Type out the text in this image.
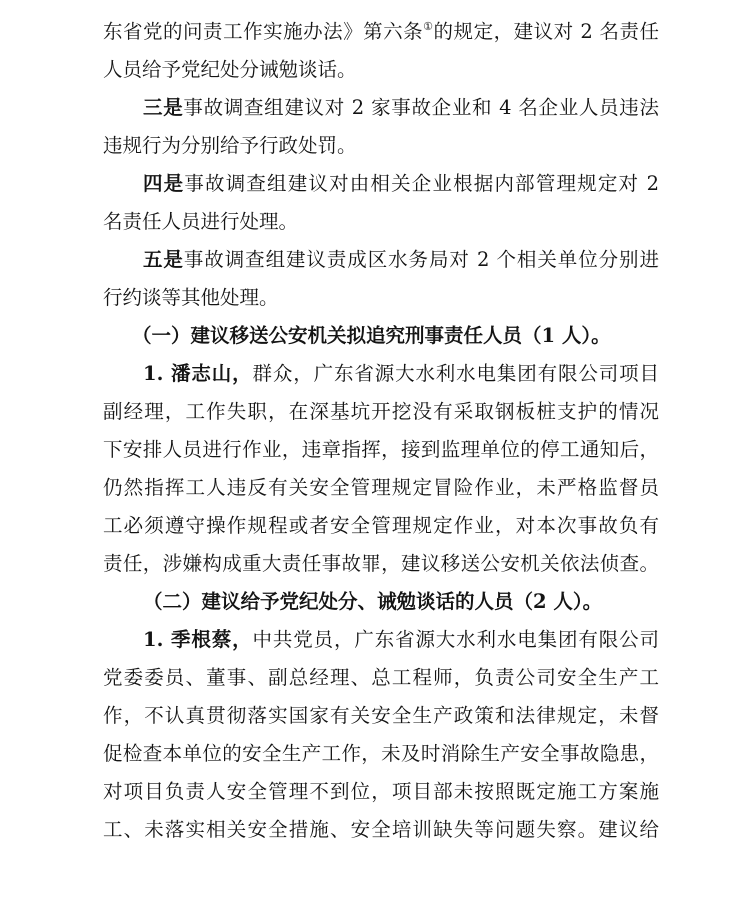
东省党的问责工作实施办法》第六条①的规定，建议对 2 名责任
人员给予党纪处分诫勉谈话。
三是事故调查组建议对 2 家事故企业和 4 名企业人员违法
违规行为分别给予行政处罚。
四是事故调查组建议对由相关企业根据内部管理规定对 2
名责任人员进行处理。
五是事故调查组建议责成区水务局对 2 个相关单位分别进
行约谈等其他处理。
（一）建议移送公安机关拟追究刑事责任人员（1 人）。
1. 潘志山，群众，广东省源大水利水电集团有限公司项目
副经理，工作失职，在深基坑开挖没有采取钢板桩支护的情况
下安排人员进行作业，违章指挥，接到监理单位的停工通知后，
仍然指挥工人违反有关安全管理规定冒险作业，未严格监督员
工必须遵守操作规程或者安全管理规定作业，对本次事故负有
责任，涉嫌构成重大责任事故罪，建议移送公安机关依法侦查。
（二）建议给予党纪处分、诫勉谈话的人员（2 人）。
1. 季根蔡，中共党员，广东省源大水利水电集团有限公司
党委委员、董事、副总经理、总工程师，负责公司安全生产工
作，不认真贯彻落实国家有关安全生产政策和法律规定，未督
促检查本单位的安全生产工作，未及时消除生产安全事故隐患，
对项目负责人安全管理不到位，项目部未按照既定施工方案施
工、未落实相关安全措施、安全培训缺失等问题失察。建议给
